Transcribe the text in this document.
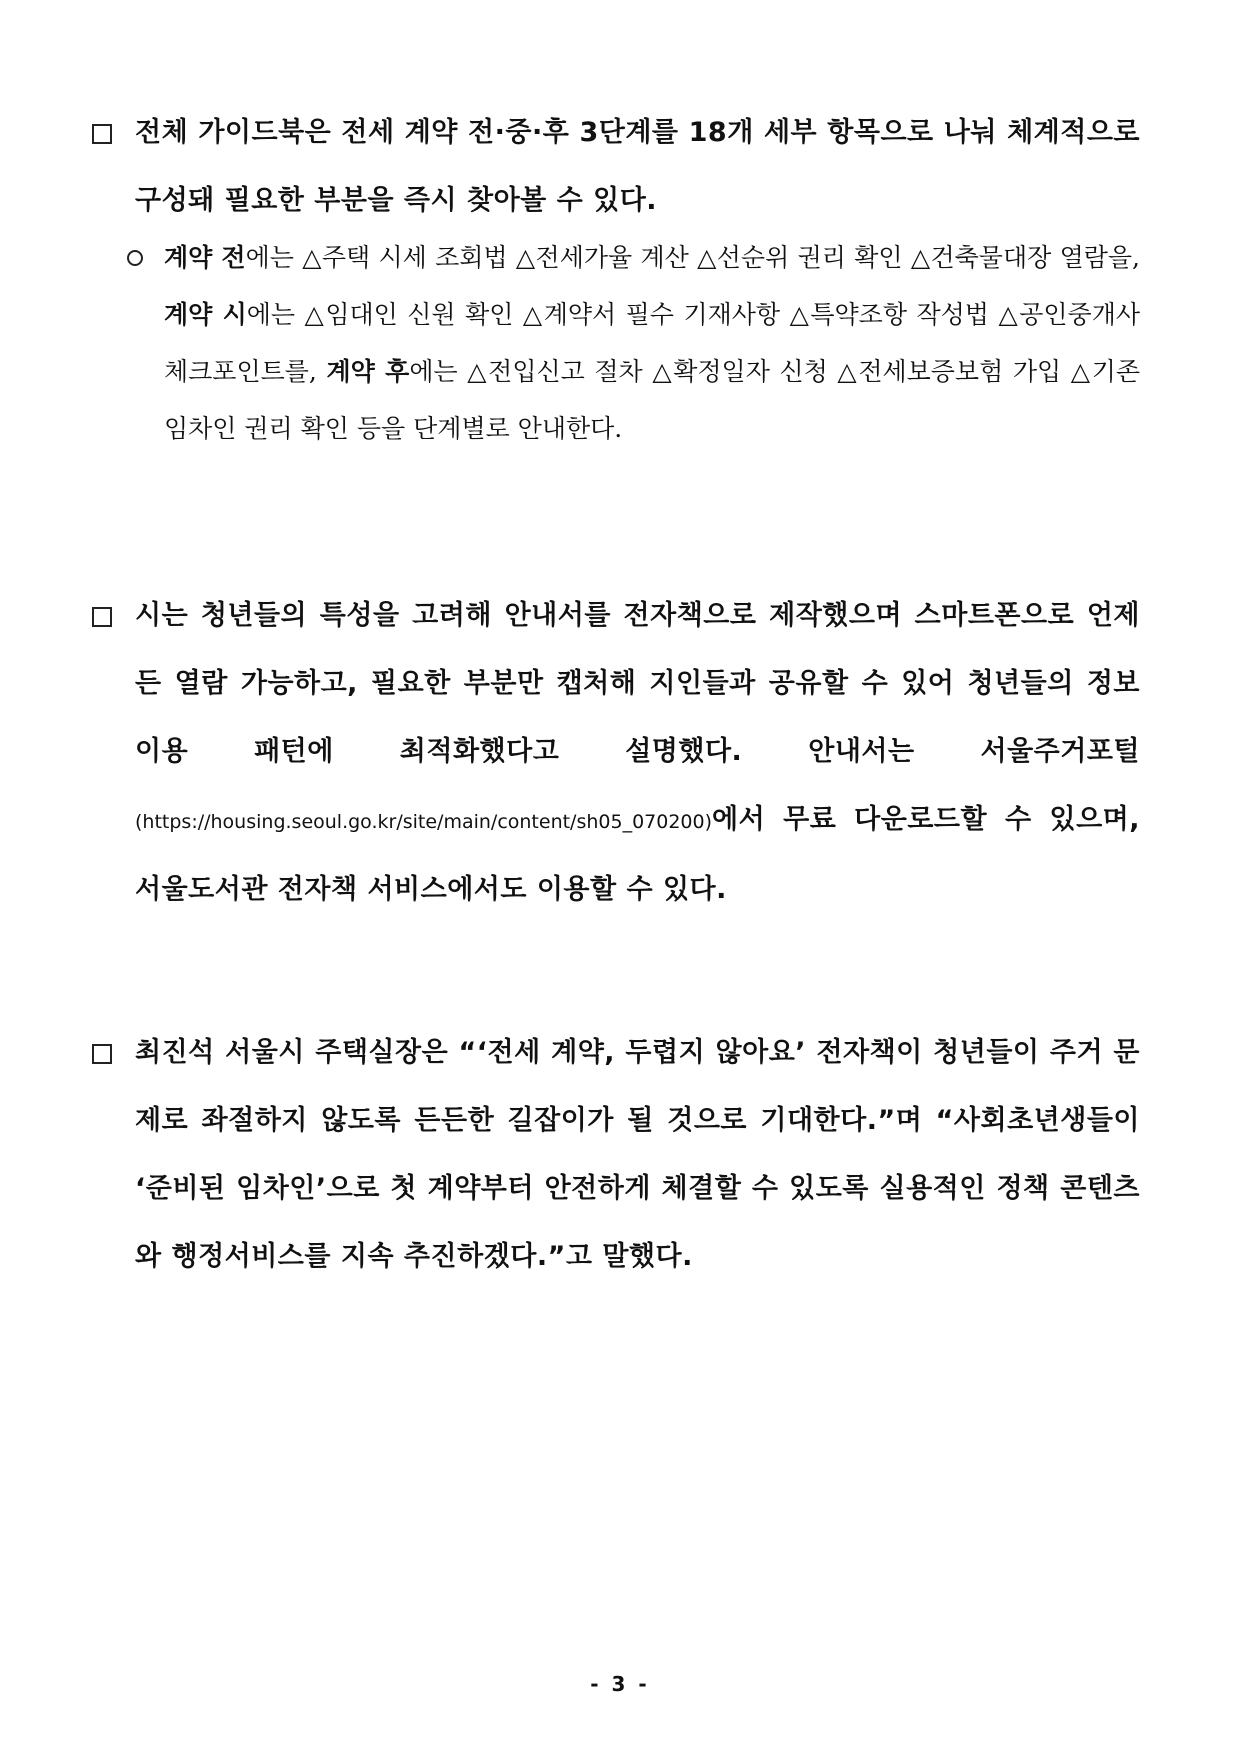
전체 가이드북은 전세 계약 전·중·후 3단계를 18개 세부 항목으로 나눠 체계적으로 구성돼 필요한 부분을 즉시 찾아볼 수 있다.
계약 전에는 △주택 시세 조회법 △전세가율 계산 △선순위 권리 확인 △건축물대장 열람을, 계약 시에는 △임대인 신원 확인 △계약서 필수 기재사항 △특약조항 작성법 △공인중개사 체크포인트를, 계약 후에는 △전입신고 절차 △확정일자 신청 △전세보증보험 가입 △기존 임차인 권리 확인 등을 단계별로 안내한다.
시는 청년들의 특성을 고려해 안내서를 전자책으로 제작했으며 스마트폰으로 언제든 열람 가능하고, 필요한 부분만 캡처해 지인들과 공유할 수 있어 청년들의 정보 이용 패턴에 최적화했다고 설명했다. 안내서는 서울주거포털(https://housing.seoul.go.kr/site/main/content/sh05_070200)에서 무료 다운로드할 수 있으며, 서울도서관 전자책 서비스에서도 이용할 수 있다.
최진석 서울시 주택실장은 “‘전세 계약, 두렵지 않아요’ 전자책이 청년들이 주거 문제로 좌절하지 않도록 든든한 길잡이가 될 것으로 기대한다.”며 “사회초년생들이 ‘준비된 임차인’으로 첫 계약부터 안전하게 체결할 수 있도록 실용적인 정책 콘텐츠와 행정서비스를 지속 추진하겠다.”고 말했다.
- 3 -
